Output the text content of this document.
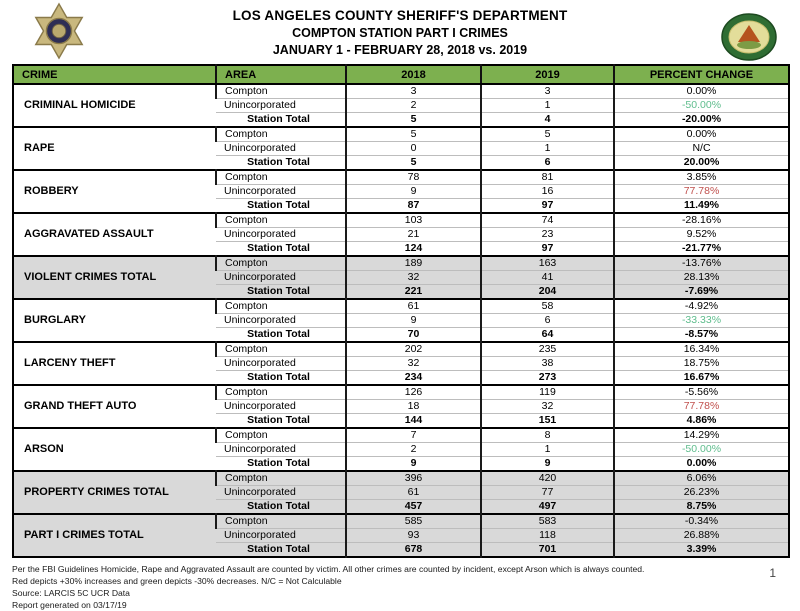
LOS ANGELES COUNTY SHERIFF'S DEPARTMENT
COMPTON STATION PART I CRIMES
JANUARY 1 - FEBRUARY 28, 2018 vs. 2019
CRIME	AREA	2018	2019	PERCENT CHANGE
CRIMINAL HOMICIDE	Compton	3	3	0.00%
	Unincorporated	2	1	-50.00%
	Station Total	5	4	-20.00%
RAPE	Compton	5	5	0.00%
	Unincorporated	0	1	N/C
	Station Total	5	6	20.00%
ROBBERY	Compton	78	81	3.85%
	Unincorporated	9	16	77.78%
	Station Total	87	97	11.49%
AGGRAVATED ASSAULT	Compton	103	74	-28.16%
	Unincorporated	21	23	9.52%
	Station Total	124	97	-21.77%
VIOLENT CRIMES TOTAL	Compton	189	163	-13.76%
	Unincorporated	32	41	28.13%
	Station Total	221	204	-7.69%
BURGLARY	Compton	61	58	-4.92%
	Unincorporated	9	6	-33.33%
	Station Total	70	64	-8.57%
LARCENY THEFT	Compton	202	235	16.34%
	Unincorporated	32	38	18.75%
	Station Total	234	273	16.67%
GRAND THEFT AUTO	Compton	126	119	-5.56%
	Unincorporated	18	32	77.78%
	Station Total	144	151	4.86%
ARSON	Compton	7	8	14.29%
	Unincorporated	2	1	-50.00%
	Station Total	9	9	0.00%
PROPERTY CRIMES TOTAL	Compton	396	420	6.06%
	Unincorporated	61	77	26.23%
	Station Total	457	497	8.75%
PART I CRIMES TOTAL	Compton	585	583	-0.34%
	Unincorporated	93	118	26.88%
	Station Total	678	701	3.39%
Per the FBI Guidelines Homicide, Rape and Aggravated Assault are counted by victim. All other crimes are counted by incident, except Arson which is always counted.
Red depicts +30% increases and green depicts -30% decreases. N/C = Not Calculable
Source: LARCIS 5C UCR Data
Report generated on 03/17/19
1
